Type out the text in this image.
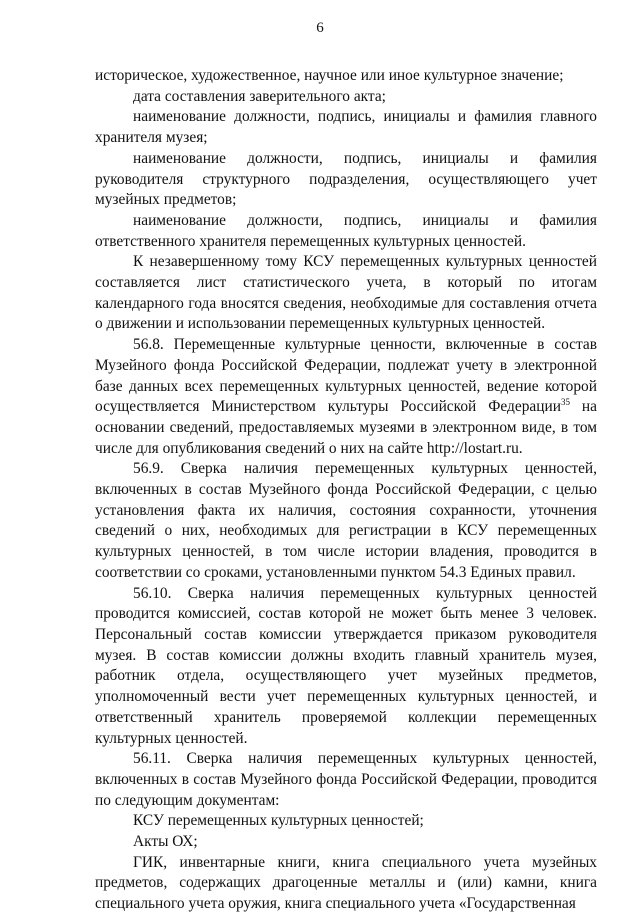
6

историческое, художественное, научное или иное культурное значение;

дата составления заверительного акта;

наименование должности, подпись, инициалы и фамилия главного хранителя музея;

наименование должности, подпись, инициалы и фамилия руководителя структурного подразделения, осуществляющего учет музейных предметов;

наименование должности, подпись, инициалы и фамилия ответственного хранителя перемещенных культурных ценностей.

К незавершенному тому КСУ перемещенных культурных ценностей составляется лист статистического учета, в который по итогам календарного года вносятся сведения, необходимые для составления отчета о движении и использовании перемещенных культурных ценностей.

56.8. Перемещенные культурные ценности, включенные в состав Музейного фонда Российской Федерации, подлежат учету в электронной базе данных всех перемещенных культурных ценностей, ведение которой осуществляется Министерством культуры Российской Федерации$^{35}$ на основании сведений, предоставляемых музеями в электронном виде, в том числе для опубликования сведений о них на сайте http://lostart.ru.

56.9. Сверка наличия перемещенных культурных ценностей, включенных в состав Музейного фонда Российской Федерации, с целью установления факта их наличия, состояния сохранности, уточнения сведений о них, необходимых для регистрации в КСУ перемещенных культурных ценностей, в том числе истории владения, проводится в соответствии со сроками, установленными пунктом 54.3 Единых правил.

56.10. Сверка наличия перемещенных культурных ценностей проводится комиссией, состав которой не может быть менее 3 человек. Персональный состав комиссии утверждается приказом руководителя музея. В состав комиссии должны входить главный хранитель музея, работник отдела, осуществляющего учет музейных предметов, уполномоченный вести учет перемещенных культурных ценностей, и ответственный хранитель проверяемой коллекции перемещенных культурных ценностей.

56.11. Сверка наличия перемещенных культурных ценностей, включенных в состав Музейного фонда Российской Федерации, проводится по следующим документам:

КСУ перемещенных культурных ценностей;

Акты ОХ;

ГИК, инвентарные книги, книга специального учета музейных предметов, содержащих драгоценные металлы и (или) камни, книга специального учета оружия, книга специального учета «Государственная
